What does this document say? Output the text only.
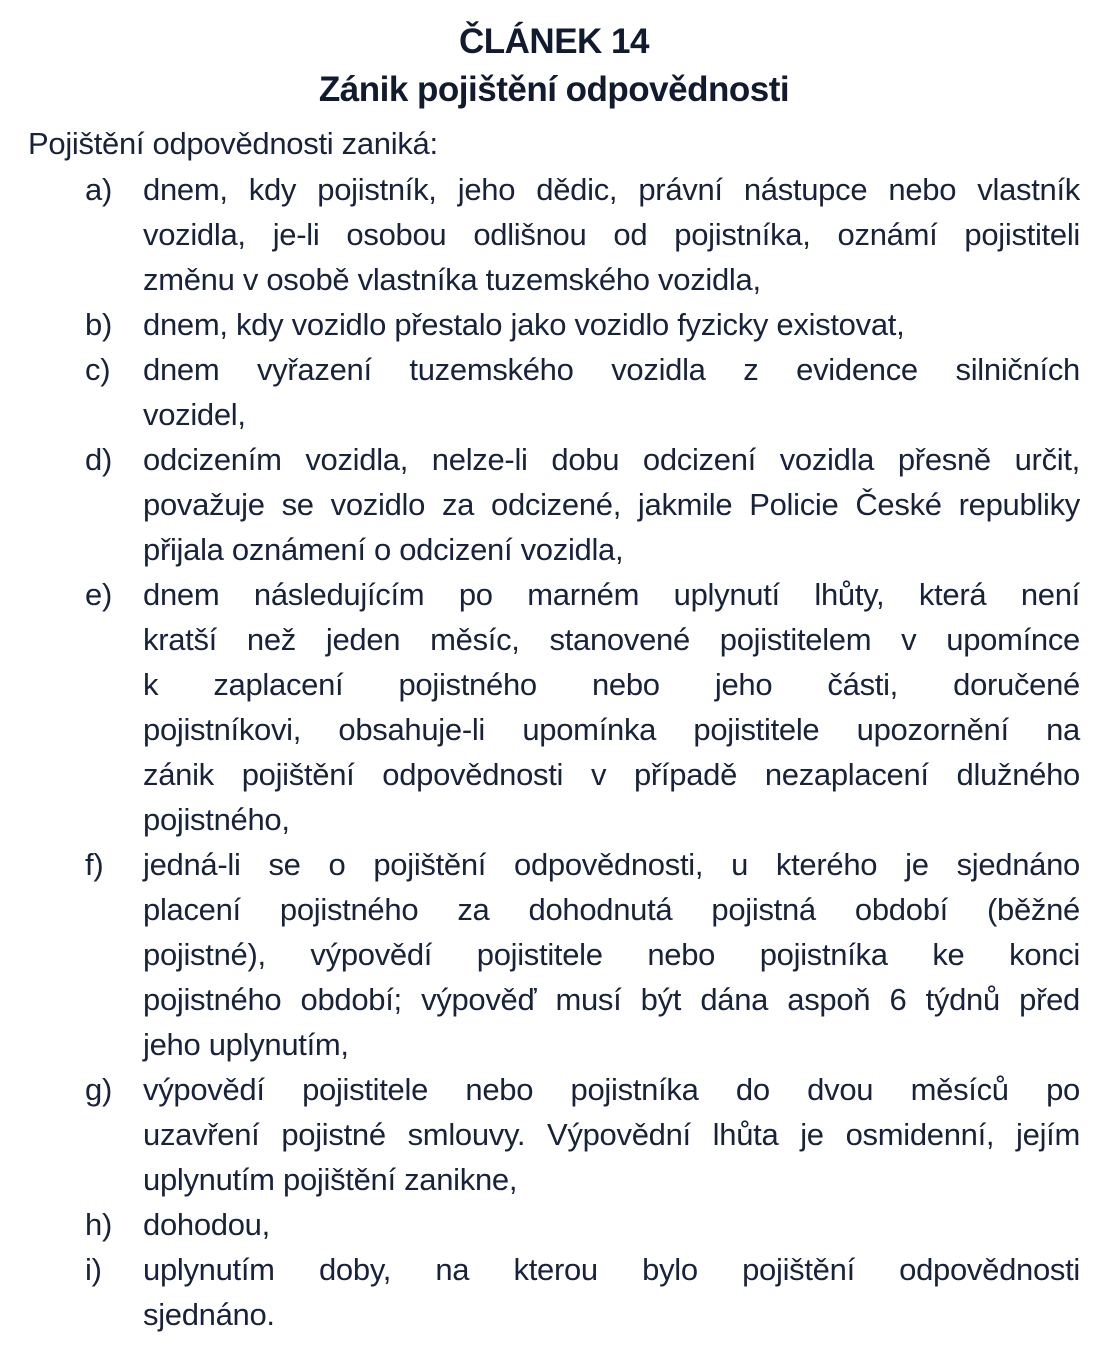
ČLÁNEK 14
Zánik pojištění odpovědnosti
Pojištění odpovědnosti zaniká:
a)	dnem, kdy pojistník, jeho dědic, právní nástupce nebo vlastník
vozidla, je-li osobou odlišnou od pojistníka, oznámí pojistiteli
změnu v osobě vlastníka tuzemského vozidla,
b)	dnem, kdy vozidlo přestalo jako vozidlo fyzicky existovat,
c)	dnem vyřazení tuzemského vozidla z evidence silničních
vozidel,
d)	odcizením vozidla, nelze-li dobu odcizení vozidla přesně určit,
považuje se vozidlo za odcizené, jakmile Policie České republiky
přijala oznámení o odcizení vozidla,
e)	dnem následujícím po marném uplynutí lhůty, která není
kratší než jeden měsíc, stanovené pojistitelem v upomínce
k zaplacení pojistného nebo jeho části, doručené
pojistníkovi, obsahuje-li upomínka pojistitele upozornění na
zánik pojištění odpovědnosti v případě nezaplacení dlužného
pojistného,
f)	jedná-li se o pojištění odpovědnosti, u kterého je sjednáno
placení pojistného za dohodnutá pojistná období (běžné
pojistné), výpovědí pojistitele nebo pojistníka ke konci
pojistného období; výpověď musí být dána aspoň 6 týdnů před
jeho uplynutím,
g)	výpovědí pojistitele nebo pojistníka do dvou měsíců po
uzavření pojistné smlouvy. Výpovědní lhůta je osmidenní, jejím
uplynutím pojištění zanikne,
h)	dohodou,
i)	uplynutím doby, na kterou bylo pojištění odpovědnosti
sjednáno.
